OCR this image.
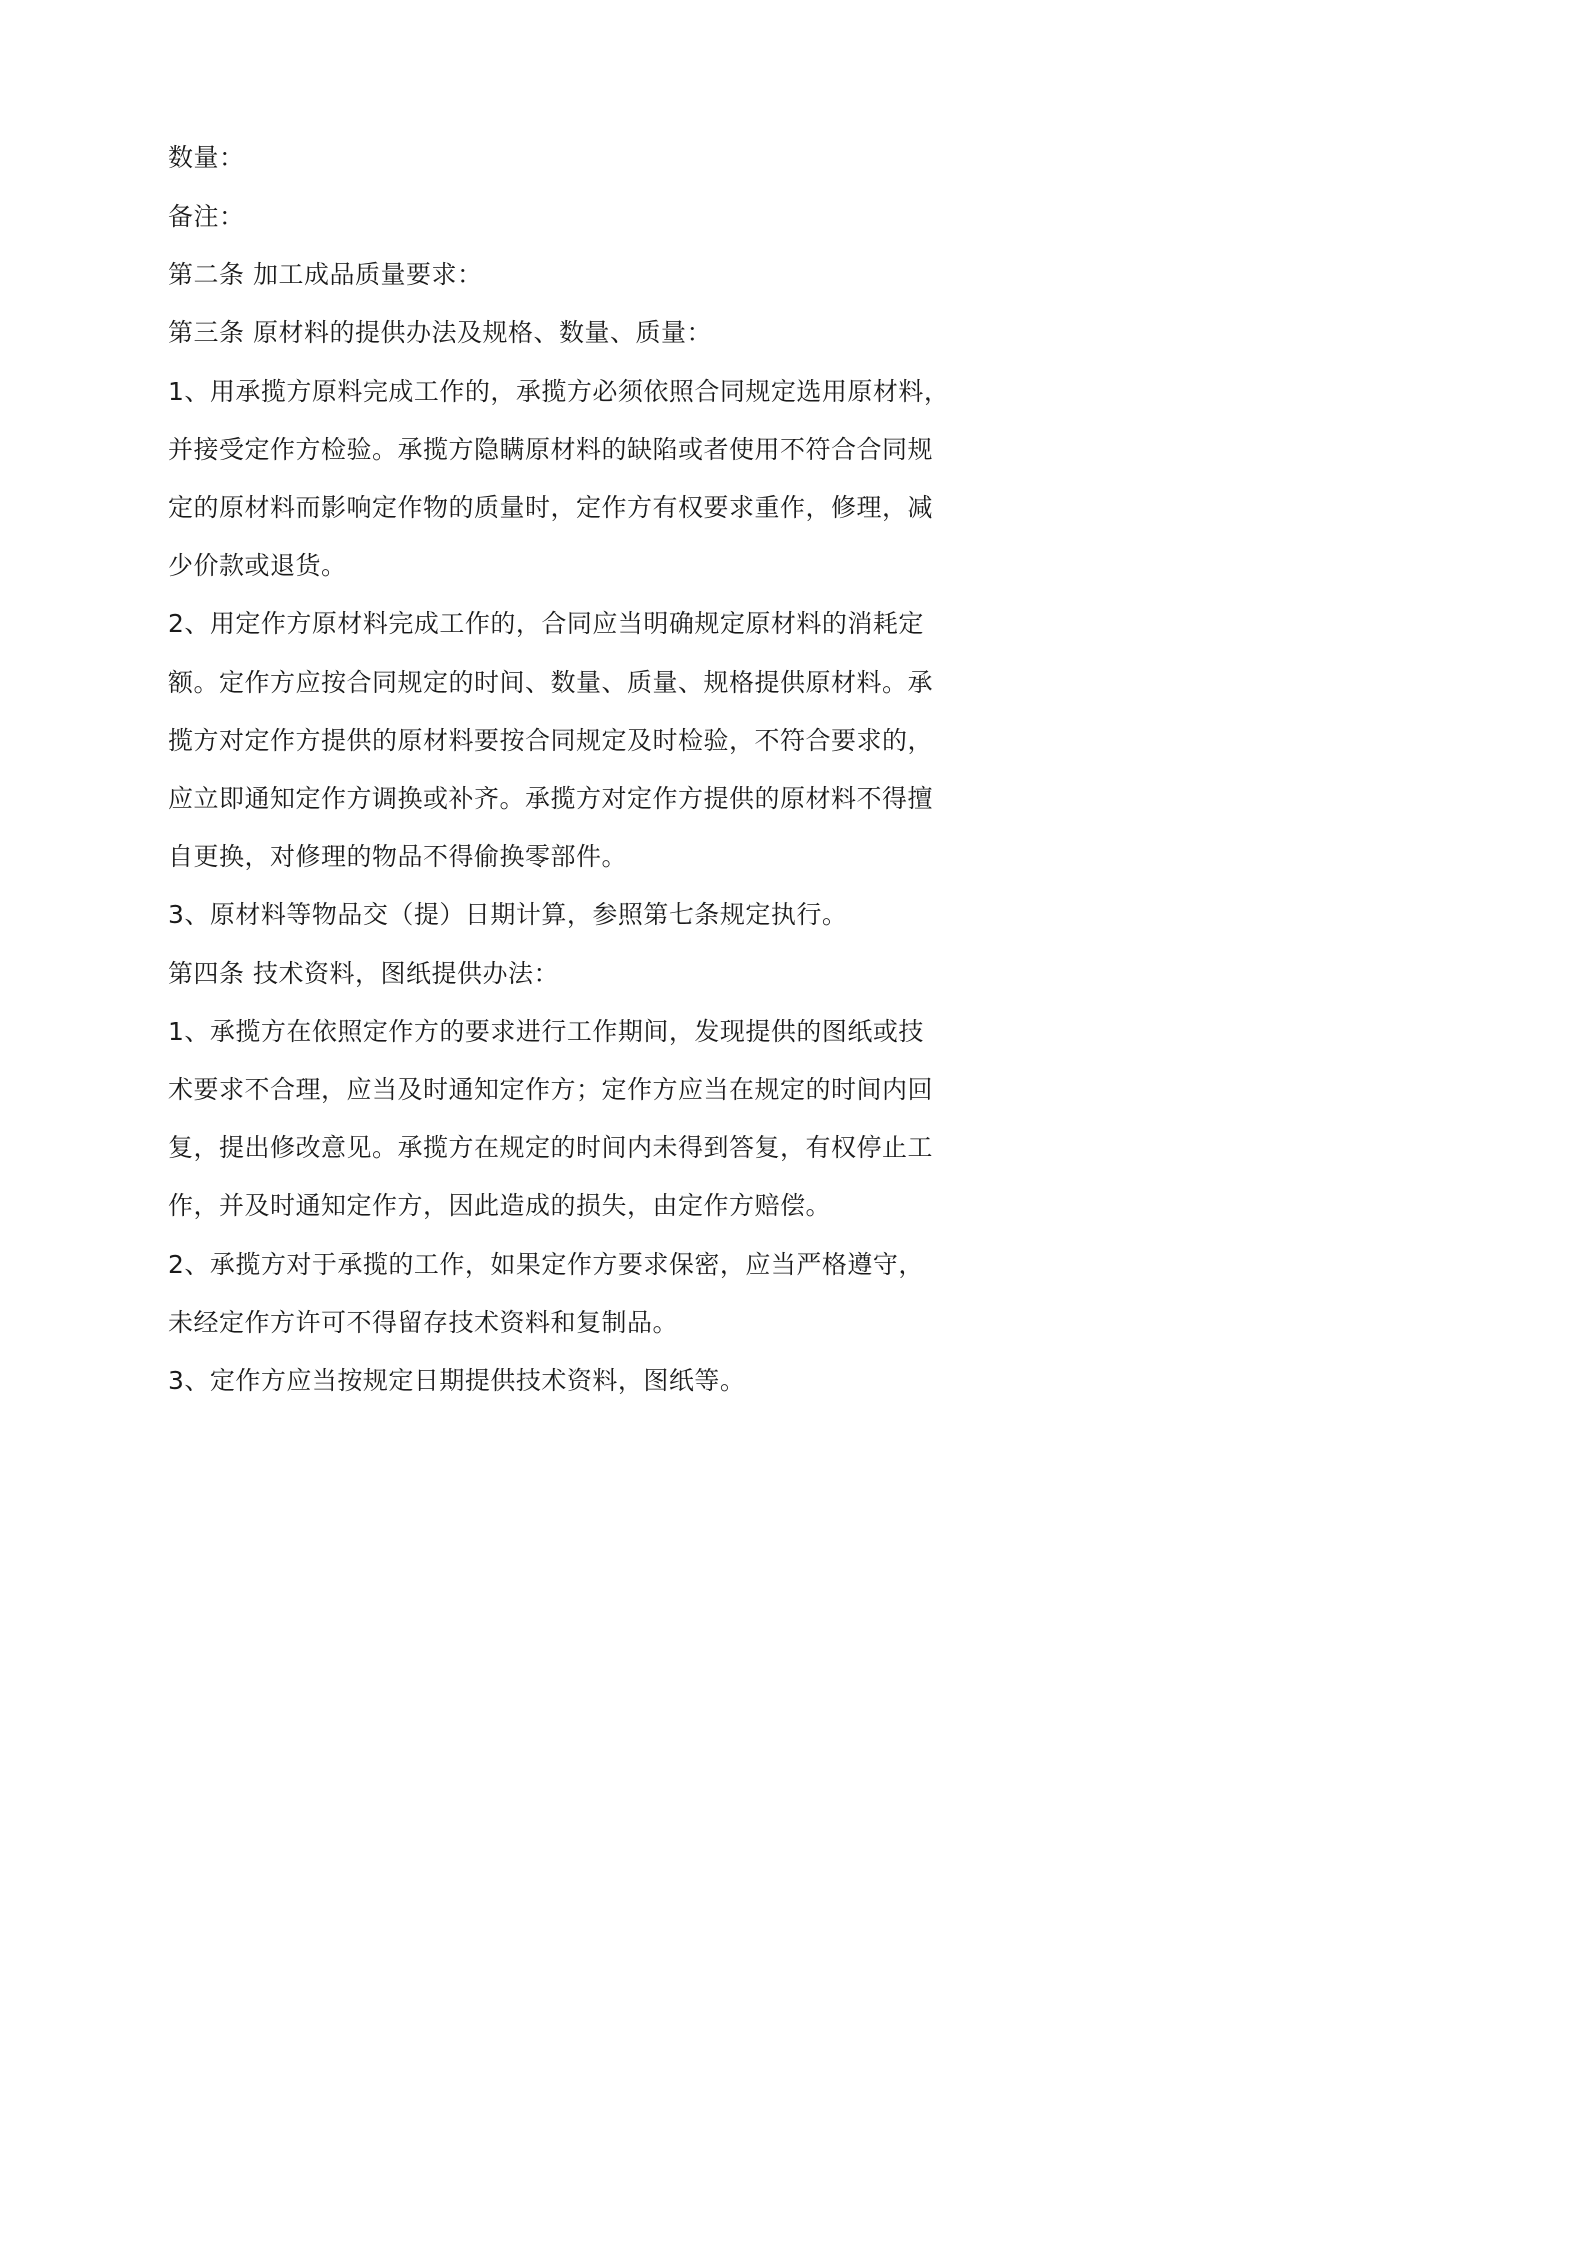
数量：

备注：

第二条 加工成品质量要求：

第三条 原材料的提供办法及规格、数量、质量：

1、用承揽方原料完成工作的，承揽方必须依照合同规定选用原材料，

并接受定作方检验。承揽方隐瞒原材料的缺陷或者使用不符合合同规

定的原材料而影响定作物的质量时，定作方有权要求重作，修理，减

少价款或退货。

2、用定作方原材料完成工作的，合同应当明确规定原材料的消耗定

额。定作方应按合同规定的时间、数量、质量、规格提供原材料。承

揽方对定作方提供的原材料要按合同规定及时检验，不符合要求的，

应立即通知定作方调换或补齐。承揽方对定作方提供的原材料不得擅

自更换，对修理的物品不得偷换零部件。

3、原材料等物品交（提）日期计算，参照第七条规定执行。

第四条 技术资料，图纸提供办法：

1、承揽方在依照定作方的要求进行工作期间，发现提供的图纸或技

术要求不合理，应当及时通知定作方；定作方应当在规定的时间内回

复，提出修改意见。承揽方在规定的时间内未得到答复，有权停止工

作，并及时通知定作方，因此造成的损失，由定作方赔偿。

2、承揽方对于承揽的工作，如果定作方要求保密，应当严格遵守，

未经定作方许可不得留存技术资料和复制品。

3、定作方应当按规定日期提供技术资料，图纸等。
